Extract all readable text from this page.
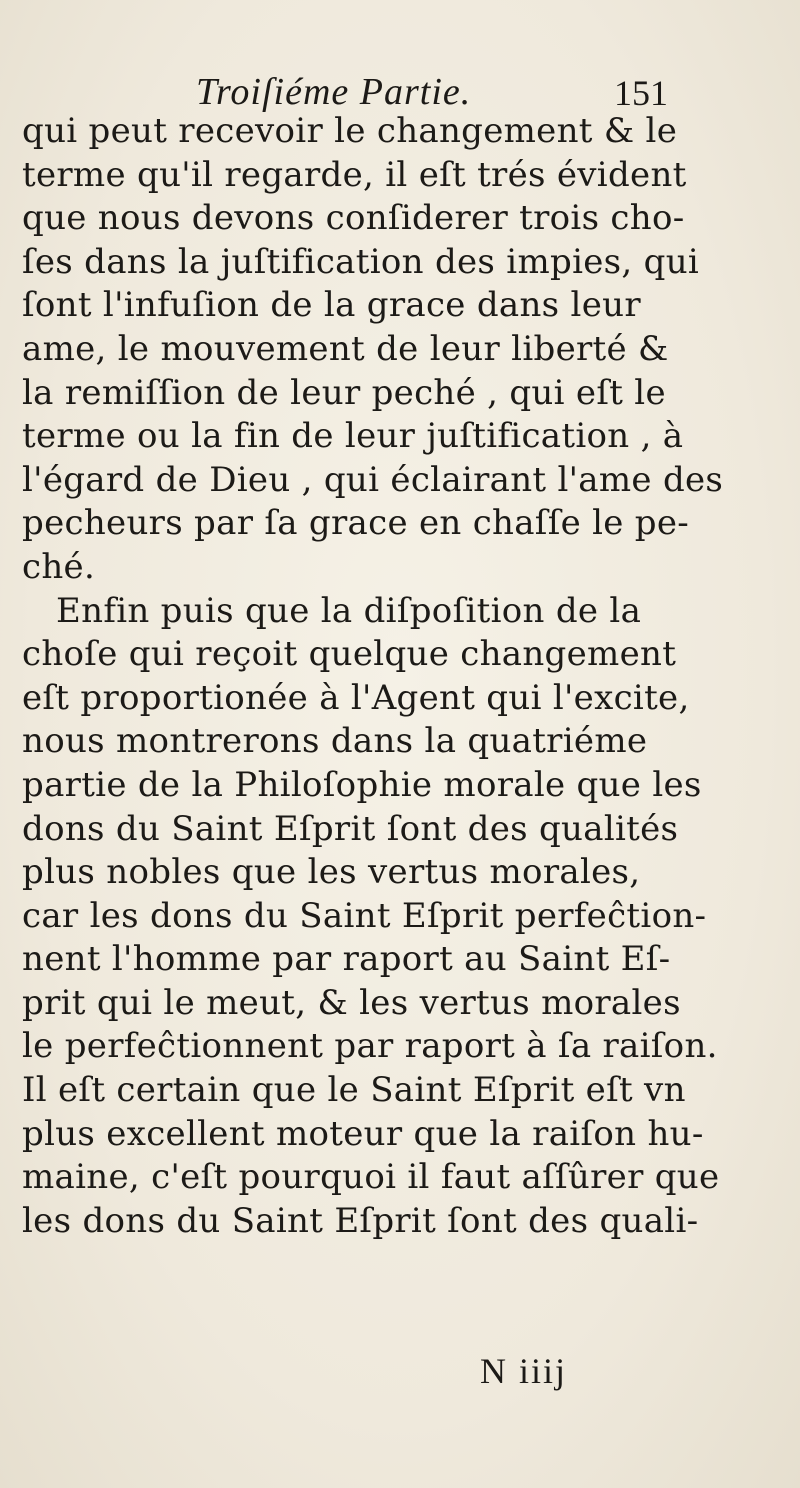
Troiſiéme Partie.	151
qui peut recevoir le changement & le
terme qu'il regarde, il eſt trés évident
que nous devons conſiderer trois cho-
ſes dans la juſtification des impies, qui
ſont l'infuſion de la grace dans leur
ame, le mouvement de leur liberté &
la remiſſion de leur peché , qui eſt le
terme ou la fin de leur juſtification , à
l'égard de Dieu , qui éclairant l'ame des
pecheurs par ſa grace en chaſſe le pe-
ché.
Enfin puis que la diſpoſition de la
choſe qui reçoit quelque changement
eſt proportionée à l'Agent qui l'excite,
nous montrerons dans la quatriéme
partie de la Philoſophie morale que les
dons du Saint Eſprit ſont des qualités
plus nobles que les vertus morales,
car les dons du Saint Eſprit perfeĉtion-
nent l'homme par raport au Saint Eſ-
prit qui le meut, & les vertus morales
le perfeĉtionnent par raport à ſa raiſon.
Il eſt certain que le Saint Eſprit eſt vn
plus excellent moteur que la raiſon hu-
maine, c'eſt pourquoi il faut aſſûrer que
les dons du Saint Eſprit ſont des quali-
N iiij
